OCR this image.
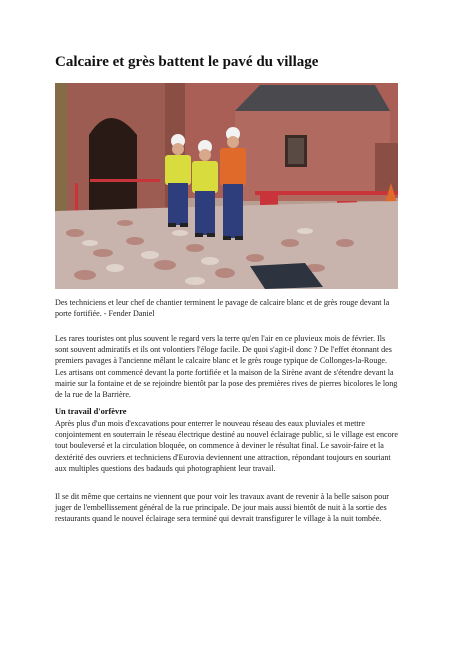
Calcaire et grès battent le pavé du village
Des techniciens et leur chef de chantier terminent le pavage de calcaire blanc et de grès rouge devant la porte fortifiée. - Fender Daniel

Les rares touristes ont plus souvent le regard vers la terre qu'en l'air en ce pluvieux mois de février. Ils sont souvent admiratifs et ils ont volontiers l'éloge facile. De quoi s'agit-il donc ? De l'effet étonnant des premiers pavages à l'ancienne mêlant le calcaire blanc et le grès rouge typique de Collonges-la-Rouge. Les artisans ont commencé devant la porte fortifiée et la maison de la Sirène avant de s'étendre devant la mairie sur la fontaine et de se rejoindre bientôt par la pose des premières rives de pierres bicolores le long de la rue de la Barrière.

Un travail d'orfèvre

Après plus d'un mois d'excavations pour enterrer le nouveau réseau des eaux pluviales et mettre conjointement en souterrain le réseau électrique destiné au nouvel éclairage public, si le village est encore tout bouleversé et la circulation bloquée, on commence à deviner le résultat final. Le savoir-faire et la dextérité des ouvriers et techniciens d'Eurovia deviennent une attraction, répondant toujours en souriant aux multiples questions des badauds qui photographient leur travail.

Il se dit même que certains ne viennent que pour voir les travaux avant de revenir à la belle saison pour juger de l'embellissement général de la rue principale. De jour mais aussi bientôt de nuit à la sortie des restaurants quand le nouvel éclairage sera terminé qui devrait transfigurer le village à la nuit tombée.
